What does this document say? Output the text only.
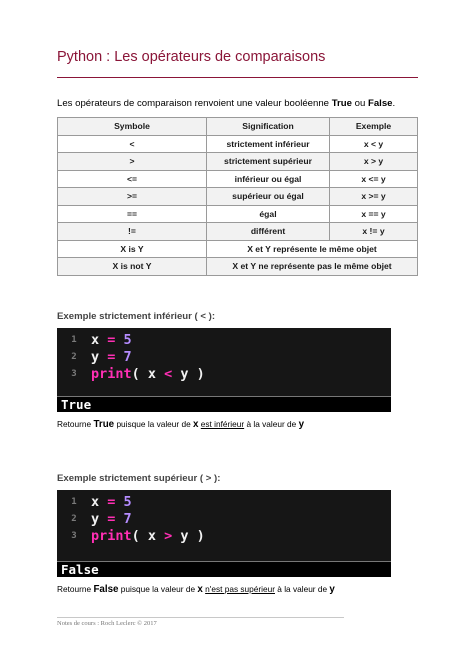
Python : Les opérateurs de comparaisons
Les opérateurs de comparaison renvoient une valeur booléenne True ou False.
Symbole	Signification	Exemple
<	strictement inférieur	x < y
>	strictement supérieur	x > y
<=	inférieur ou égal	x <= y
>=	supérieur ou égal	x >= y
==	égal	x == y
!=	différent	x != y
X is Y	X et Y représente le même objet	
X is not Y	X et Y ne représente pas le même objet	
Exemple strictement inférieur ( < ):
1	x = 5
2	y = 7
3	print( x < y )
True
Retourne True puisque la valeur de x est inférieur à la valeur de y
Exemple strictement supérieur ( > ):
1	x = 5
2	y = 7
3	print( x > y )
False
Retourne False puisque la valeur de x n'est pas supérieur à la valeur de y
Notes de cours : Roch Leclerc © 2017
